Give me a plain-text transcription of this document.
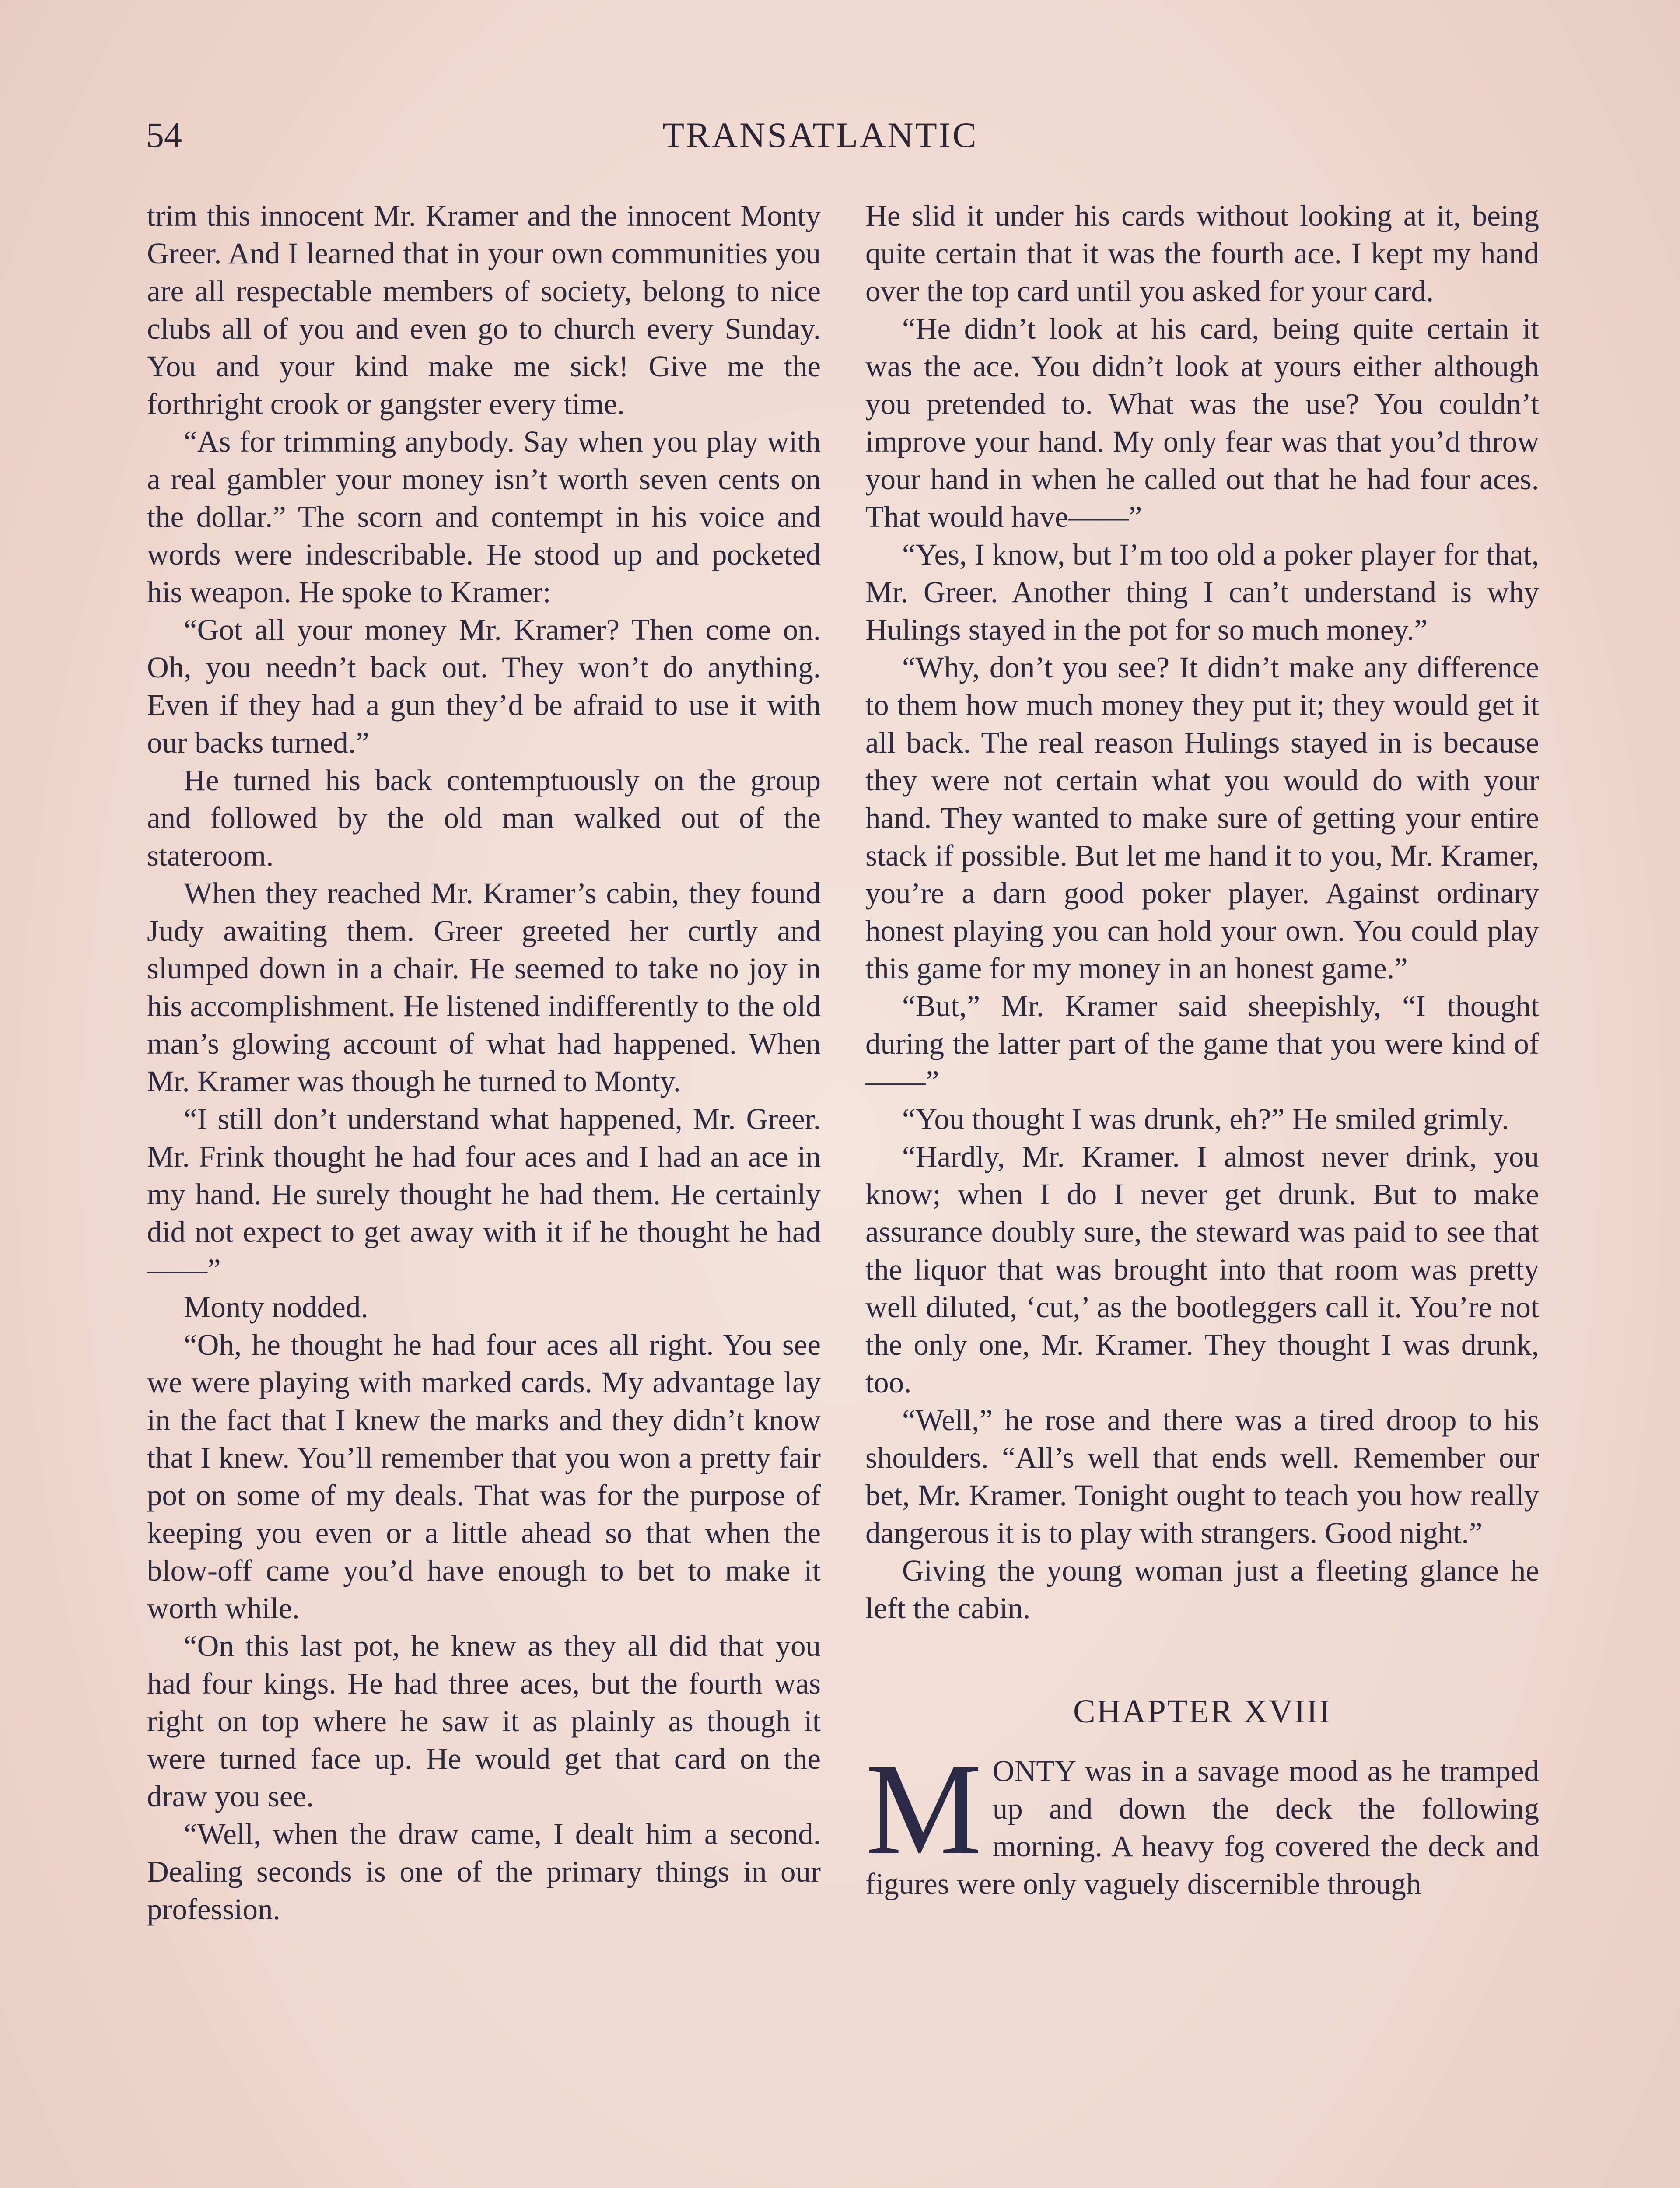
54	TRANSATLANTIC

trim this innocent Mr. Kramer and the innocent Monty Greer. And I learned that in your own communities you are all respectable members of society, belong to nice clubs all of you and even go to church every Sunday. You and your kind make me sick! Give me the forthright crook or gangster every time.

“As for trimming anybody. Say when you play with a real gambler your money isn’t worth seven cents on the dollar.” The scorn and contempt in his voice and words were indescribable. He stood up and pocketed his weapon. He spoke to Kramer:

“Got all your money Mr. Kramer? Then come on. Oh, you needn’t back out. They won’t do anything. Even if they had a gun they’d be afraid to use it with our backs turned.”

He turned his back contemptuously on the group and followed by the old man walked out of the stateroom.

When they reached Mr. Kramer’s cabin, they found Judy awaiting them. Greer greeted her curtly and slumped down in a chair. He seemed to take no joy in his accomplishment. He listened indifferently to the old man’s glowing account of what had happened. When Mr. Kramer was though he turned to Monty.

“I still don’t understand what happened, Mr. Greer. Mr. Frink thought he had four aces and I had an ace in my hand. He surely thought he had them. He certainly did not expect to get away with it if he thought he had——”

Monty nodded.

“Oh, he thought he had four aces all right. You see we were playing with marked cards. My advantage lay in the fact that I knew the marks and they didn’t know that I knew. You’ll remember that you won a pretty fair pot on some of my deals. That was for the purpose of keeping you even or a little ahead so that when the blow-off came you’d have enough to bet to make it worth while.

“On this last pot, he knew as they all did that you had four kings. He had three aces, but the fourth was right on top where he saw it as plainly as though it were turned face up. He would get that card on the draw you see.

“Well, when the draw came, I dealt him a second. Dealing seconds is one of the primary things in our profession.

He slid it under his cards without looking at it, being quite certain that it was the fourth ace. I kept my hand over the top card until you asked for your card.

“He didn’t look at his card, being quite certain it was the ace. You didn’t look at yours either although you pretended to. What was the use? You couldn’t improve your hand. My only fear was that you’d throw your hand in when he called out that he had four aces. That would have——”

“Yes, I know, but I’m too old a poker player for that, Mr. Greer. Another thing I can’t understand is why Hulings stayed in the pot for so much money.”

“Why, don’t you see? It didn’t make any difference to them how much money they put it; they would get it all back. The real reason Hulings stayed in is because they were not certain what you would do with your hand. They wanted to make sure of getting your entire stack if possible. But let me hand it to you, Mr. Kramer, you’re a darn good poker player. Against ordinary honest playing you can hold your own. You could play this game for my money in an honest game.”

“But,” Mr. Kramer said sheepishly, “I thought during the latter part of the game that you were kind of——”

“You thought I was drunk, eh?” He smiled grimly.

“Hardly, Mr. Kramer. I almost never drink, you know; when I do I never get drunk. But to make assurance doubly sure, the steward was paid to see that the liquor that was brought into that room was pretty well diluted, ‘cut,’ as the bootleggers call it. You’re not the only one, Mr. Kramer. They thought I was drunk, too.

“Well,” he rose and there was a tired droop to his shoulders. “All’s well that ends well. Remember our bet, Mr. Kramer. Tonight ought to teach you how really dangerous it is to play with strangers. Good night.”

Giving the young woman just a fleeting glance he left the cabin.

CHAPTER XVIII

MONTY was in a savage mood as he tramped up and down the deck the following morning. A heavy fog covered the deck and figures were only vaguely discernible through
